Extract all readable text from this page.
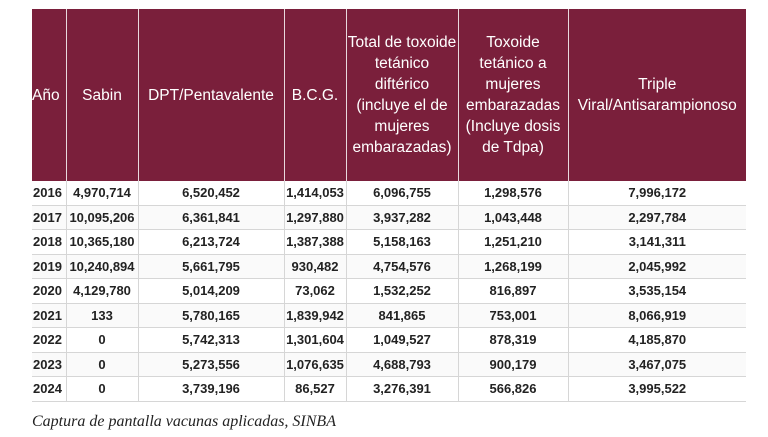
Año	Sabin	DPT/Pentavalente	B.C.G.	Total de toxoide tetánico diftérico (incluye el de mujeres embarazadas)	Toxoide tetánico a mujeres embarazadas (Incluye dosis de Tdpa)	Triple Viral/Antisarampionoso
2016	4,970,714	6,520,452	1,414,053	6,096,755	1,298,576	7,996,172
2017	10,095,206	6,361,841	1,297,880	3,937,282	1,043,448	2,297,784
2018	10,365,180	6,213,724	1,387,388	5,158,163	1,251,210	3,141,311
2019	10,240,894	5,661,795	930,482	4,754,576	1,268,199	2,045,992
2020	4,129,780	5,014,209	73,062	1,532,252	816,897	3,535,154
2021	133	5,780,165	1,839,942	841,865	753,001	8,066,919
2022	0	5,742,313	1,301,604	1,049,527	878,319	4,185,870
2023	0	5,273,556	1,076,635	4,688,793	900,179	3,467,075
2024	0	3,739,196	86,527	3,276,391	566,826	3,995,522
Captura de pantalla vacunas aplicadas, SINBA
